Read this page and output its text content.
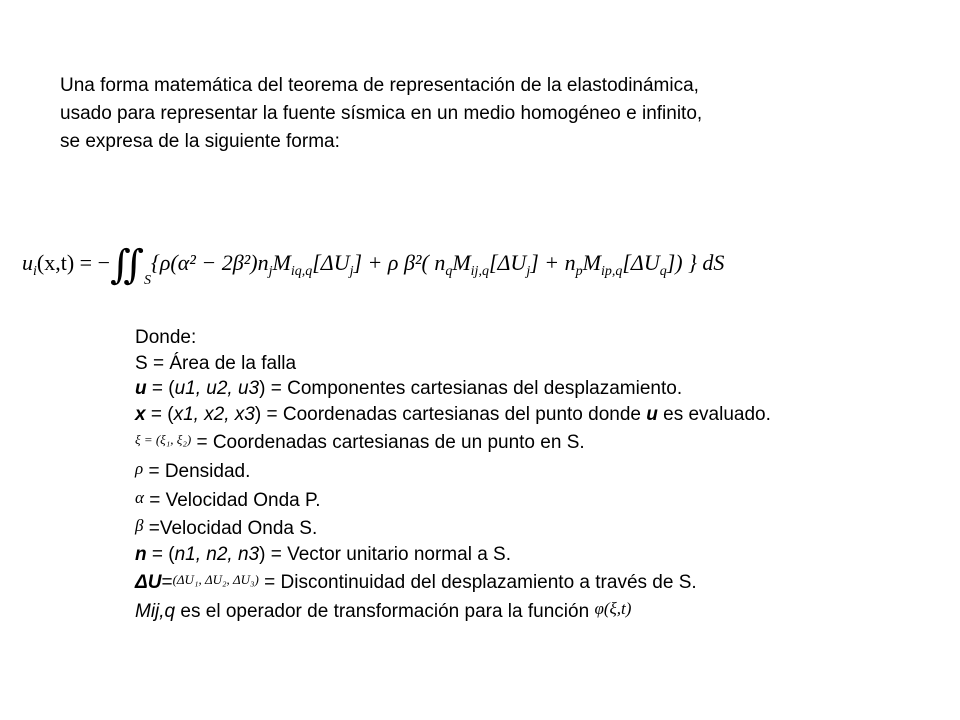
Una forma matemática del teorema de representación de la elastodinámica,

usado para representar la fuente sísmica en un medio homogéneo e infinito,

se expresa de la siguiente forma:

$u_i(x,t)$ = $-∬_S\{\rho(\alpha^2 - 2\beta^2)n_jM_{iq,q}[\Delta U_j] + \rho$ β²( $n_qM_{ij,q}[\Delta U_j] + n_pM_{ip,q}[\Delta U_q]$) } dS
Donde:
S = Área de la falla
u = (u1, u2, u3) = Componentes cartesianas del desplazamiento.
x = (x1, x2, x3) = Coordenadas cartesianas del punto donde u es evaluado.
ξ = (ξ₁, ξ₂) = Coordenadas cartesianas de un punto en S.
ρ = Densidad.
α = Velocidad Onda P.
β =Velocidad Onda S.
n = (n1, n2, n3) = Vector unitario normal a S.
ΔU=(ΔU₁, ΔU₂, ΔU₃) = Discontinuidad del desplazamiento a través de S.
Mij,q es el operador de transformación para la función φ(ξ,t)
